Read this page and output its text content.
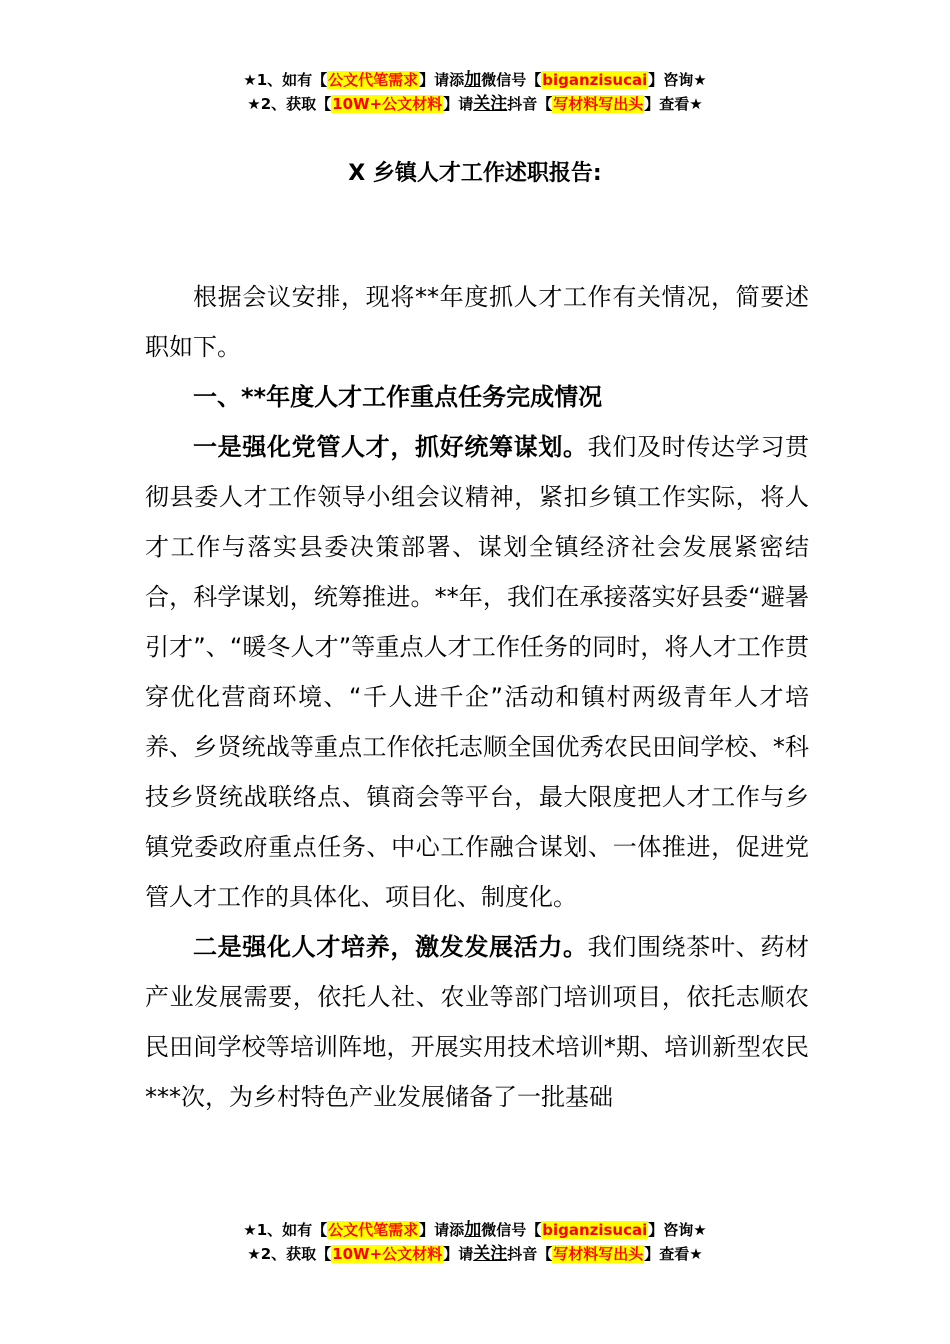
★1、如有【公文代笔需求】请添加微信号【biganzisucai】咨询★
★2、获取【10W+公文材料】请关注抖音【写材料写出头】查看★
X 乡镇人才工作述职报告:

根据会议安排，现将**年度抓人才工作有关情况，简要述职如下。

一、**年度人才工作重点任务完成情况

一是强化党管人才，抓好统筹谋划。我们及时传达学习贯彻县委人才工作领导小组会议精神，紧扣乡镇工作实际，将人才工作与落实县委决策部署、谋划全镇经济社会发展紧密结合，科学谋划，统筹推进。**年，我们在承接落实好县委“避暑引才”、“暖冬人才”等重点人才工作任务的同时，将人才工作贯穿优化营商环境、“千人进千企”活动和镇村两级青年人才培养、乡贤统战等重点工作依托志顺全国优秀农民田间学校、*科技乡贤统战联络点、镇商会等平台，最大限度把人才工作与乡镇党委政府重点任务、中心工作融合谋划、一体推进，促进党管人才工作的具体化、项目化、制度化。

二是强化人才培养，激发发展活力。我们围绕茶叶、药材产业发展需要，依托人社、农业等部门培训项目，依托志顺农民田间学校等培训阵地，开展实用技术培训*期、培训新型农民***次，为乡村特色产业发展储备了一批基础

★1、如有【公文代笔需求】请添加微信号【biganzisucai】咨询★
★2、获取【10W+公文材料】请关注抖音【写材料写出头】查看★
